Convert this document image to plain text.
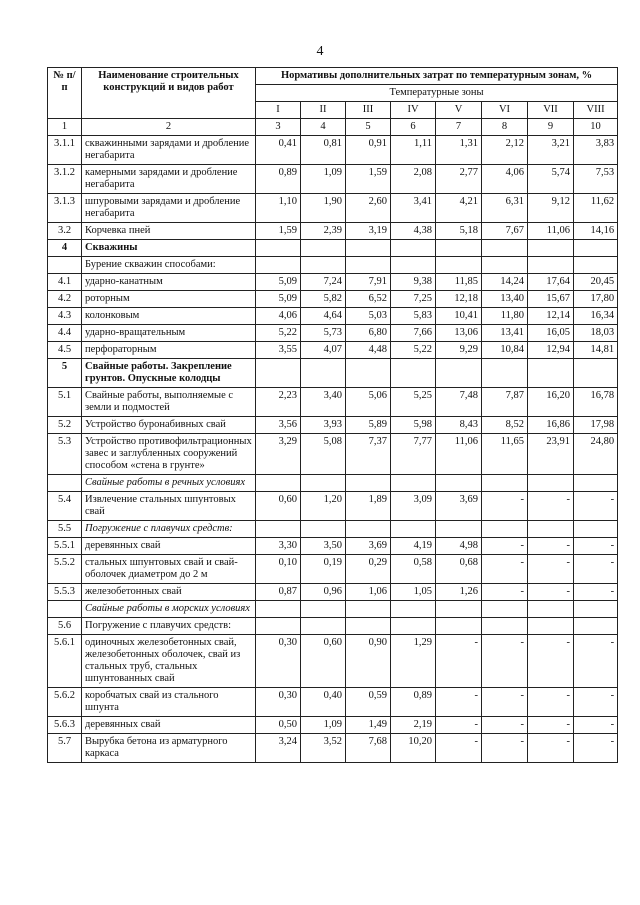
4
№ п/п	Наименование строительных конструкций и видов работ	Нормативы дополнительных затрат по температурным зонам, %							
		Температурные зоны							
		I	II	III	IV	V	VI	VII	VIII
1	2	3	4	5	6	7	8	9	10
3.1.1	скважинными зарядами и дробление негабарита	0,41	0,81	0,91	1,11	1,31	2,12	3,21	3,83
3.1.2	камерными зарядами и дробление негабарита	0,89	1,09	1,59	2,08	2,77	4,06	5,74	7,53
3.1.3	шпуровыми зарядами и дробление негабарита	1,10	1,90	2,60	3,41	4,21	6,31	9,12	11,62
3.2	Корчевка пней	1,59	2,39	3,19	4,38	5,18	7,67	11,06	14,16
4	Скважины								
	Бурение скважин способами:								
4.1	ударно-канатным	5,09	7,24	7,91	9,38	11,85	14,24	17,64	20,45
4.2	роторным	5,09	5,82	6,52	7,25	12,18	13,40	15,67	17,80
4.3	колонковым	4,06	4,64	5,03	5,83	10,41	11,80	12,14	16,34
4.4	ударно-вращательным	5,22	5,73	6,80	7,66	13,06	13,41	16,05	18,03
4.5	перфораторным	3,55	4,07	4,48	5,22	9,29	10,84	12,94	14,81
5	Свайные работы. Закрепление грунтов. Опускные колодцы								
5.1	Свайные работы, выполняемые с земли и подмостей	2,23	3,40	5,06	5,25	7,48	7,87	16,20	16,78
5.2	Устройство буронабивных свай	3,56	3,93	5,89	5,98	8,43	8,52	16,86	17,98
5.3	Устройство противофильтрационных завес и заглубленных сооружений способом «стена в грунте»	3,29	5,08	7,37	7,77	11,06	11,65	23,91	24,80
	Свайные работы в речных условиях								
5.4	Извлечение стальных шпунтовых свай	0,60	1,20	1,89	3,09	3,69	-	-	-
5.5	Погружение с плавучих средств:								
5.5.1	деревянных свай	3,30	3,50	3,69	4,19	4,98	-	-	-
5.5.2	стальных шпунтовых свай и свай-оболочек диаметром до 2 м	0,10	0,19	0,29	0,58	0,68	-	-	-
5.5.3	железобетонных свай	0,87	0,96	1,06	1,05	1,26	-	-	-
	Свайные работы в морских условиях								
5.6	Погружение с плавучих средств:								
5.6.1	одиночных железобетонных свай, железобетонных оболочек, свай из стальных труб, стальных шпунтованных свай	0,30	0,60	0,90	1,29	-	-	-	-
5.6.2	коробчатых свай из стального шпунта	0,30	0,40	0,59	0,89	-	-	-	-
5.6.3	деревянных свай	0,50	1,09	1,49	2,19	-	-	-	-
5.7	Вырубка бетона из арматурного каркаса	3,24	3,52	7,68	10,20	-	-	-	-
